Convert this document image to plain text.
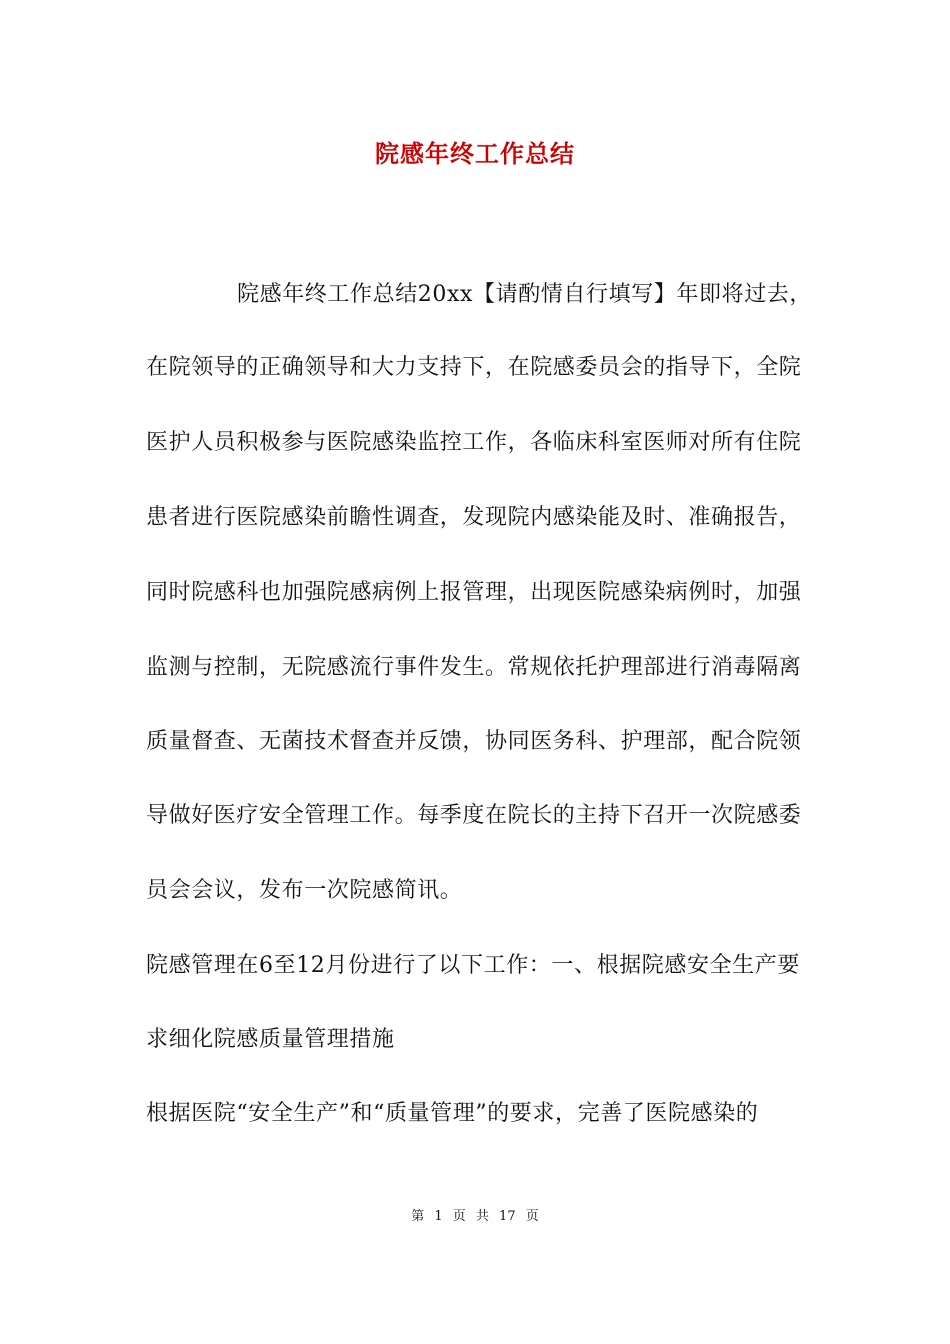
院感年终工作总结
院感年终工作总结20xx【请酌情自行填写】年即将过去，
在院领导的正确领导和大力支持下，在院感委员会的指导下，全院
医护人员积极参与医院感染监控工作，各临床科室医师对所有住院
患者进行医院感染前瞻性调查，发现院内感染能及时、准确报告，
同时院感科也加强院感病例上报管理，出现医院感染病例时，加强
监测与控制，无院感流行事件发生。常规依托护理部进行消毒隔离
质量督查、无菌技术督查并反馈，协同医务科、护理部，配合院领
导做好医疗安全管理工作。每季度在院长的主持下召开一次院感委
员会会议，发布一次院感简讯。
院感管理在6至12月份进行了以下工作：一、根据院感安全生产要
求细化院感质量管理措施
根据医院“安全生产”和“质量管理”的要求，完善了医院感染的
第 1 页 共 17 页
